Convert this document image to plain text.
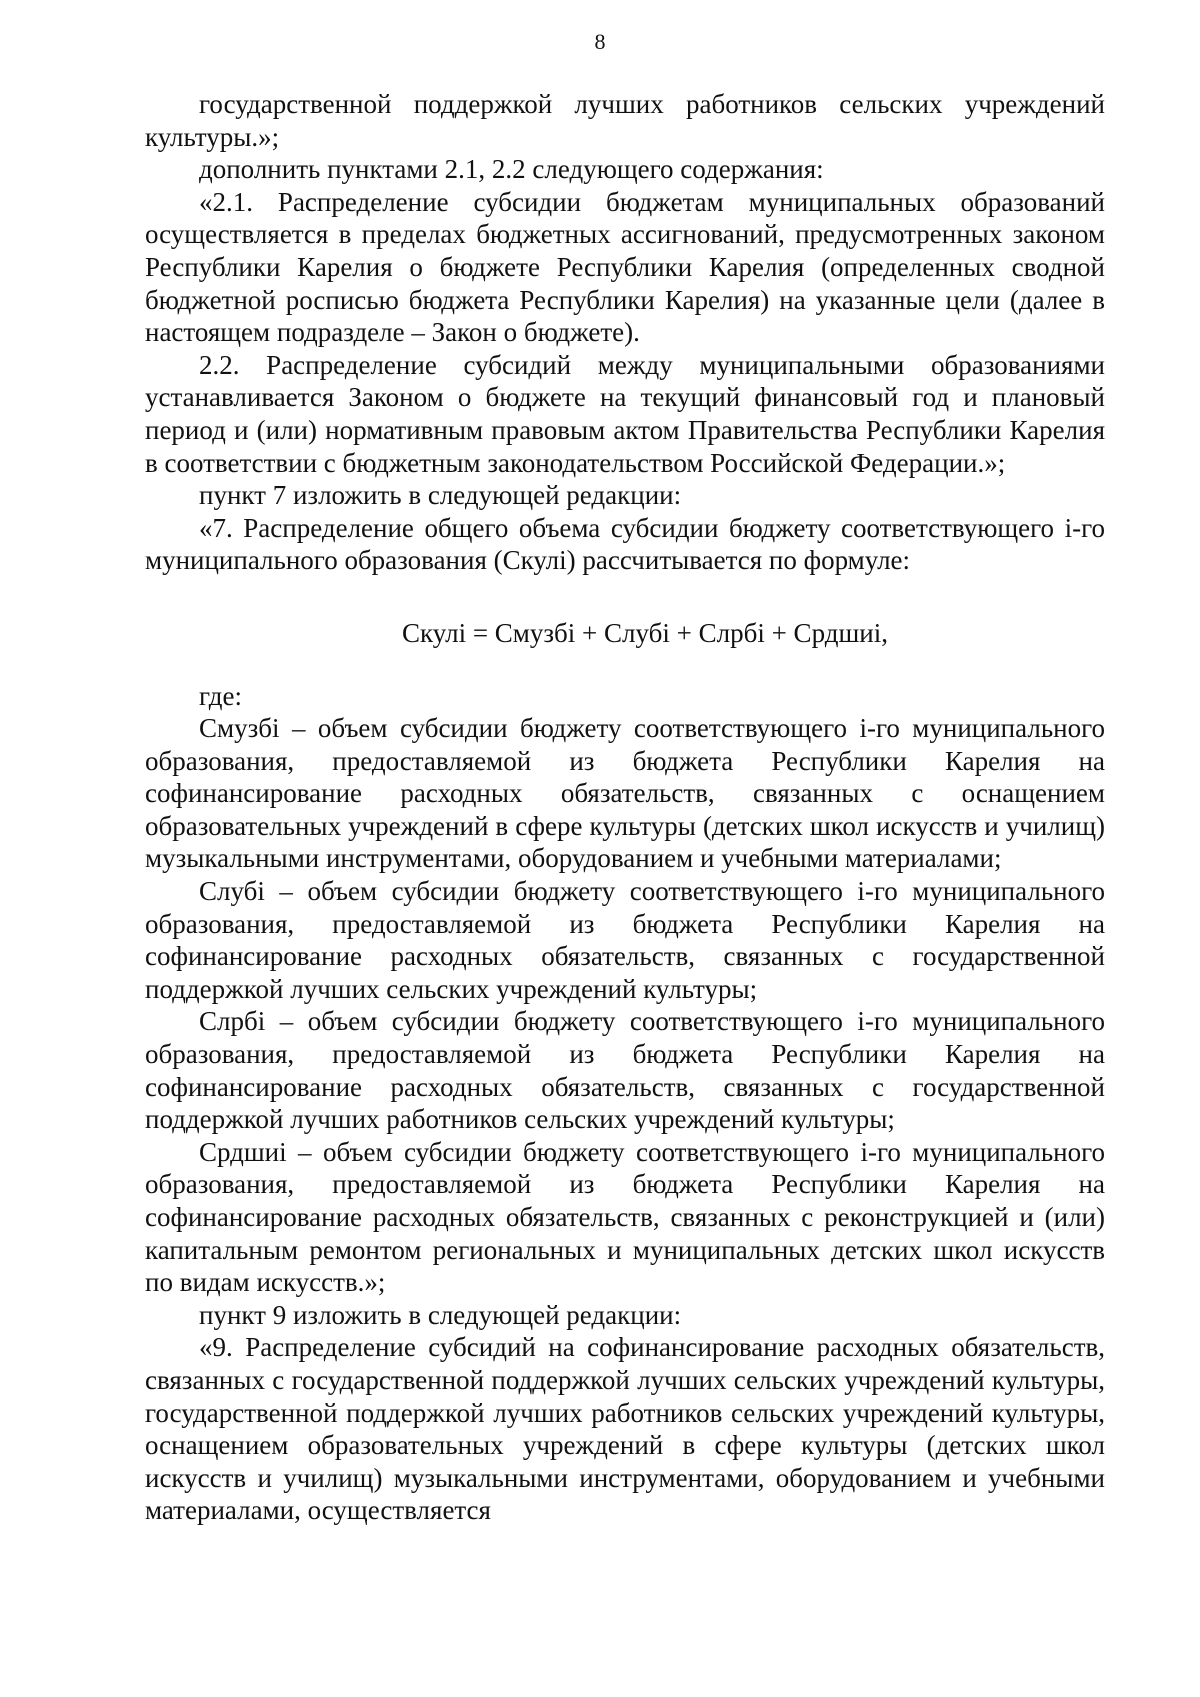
8

государственной поддержкой лучших работников сельских учреждений культуры.»;

дополнить пунктами 2.1, 2.2 следующего содержания:

«2.1. Распределение субсидии бюджетам муниципальных образований осуществляется в пределах бюджетных ассигнований, предусмотренных законом Республики Карелия о бюджете Республики Карелия (определенных сводной бюджетной росписью бюджета Республики Карелия) на указанные цели (далее в настоящем подразделе – Закон о бюджете).

2.2. Распределение субсидий между муниципальными образованиями устанавливается Законом о бюджете на текущий финансовый год и плановый период и (или) нормативным правовым актом Правительства Республики Карелия в соответствии с бюджетным законодательством Российской Федерации.»;

пункт 7 изложить в следующей редакции:

«7. Распределение общего объема субсидии бюджету соответствующего i-го муниципального образования (Скулi) рассчитывается по формуле:

Скулi = Смузбi + Слубi + Слрбi + Срдшиi,

где:

Смузбi – объем субсидии бюджету соответствующего i-го муниципального образования, предоставляемой из бюджета Республики Карелия на софинансирование расходных обязательств, связанных с оснащением образовательных учреждений в сфере культуры (детских школ искусств и училищ) музыкальными инструментами, оборудованием и учебными материалами;

Слубi – объем субсидии бюджету соответствующего i-го муниципального образования, предоставляемой из бюджета Республики Карелия на софинансирование расходных обязательств, связанных с государственной поддержкой лучших сельских учреждений культуры;

Слрбi – объем субсидии бюджету соответствующего i-го муниципального образования, предоставляемой из бюджета Республики Карелия на софинансирование расходных обязательств, связанных с государственной поддержкой лучших работников сельских учреждений культуры;

Срдшиi – объем субсидии бюджету соответствующего i-го муниципального образования, предоставляемой из бюджета Республики Карелия на софинансирование расходных обязательств, связанных с реконструкцией и (или) капитальным ремонтом региональных и муниципальных детских школ искусств по видам искусств.»;

пункт 9 изложить в следующей редакции:

«9. Распределение субсидий на софинансирование расходных обязательств, связанных с государственной поддержкой лучших сельских учреждений культуры, государственной поддержкой лучших работников сельских учреждений культуры, оснащением образовательных учреждений в сфере культуры (детских школ искусств и училищ) музыкальными инструментами, оборудованием и учебными материалами, осуществляется
